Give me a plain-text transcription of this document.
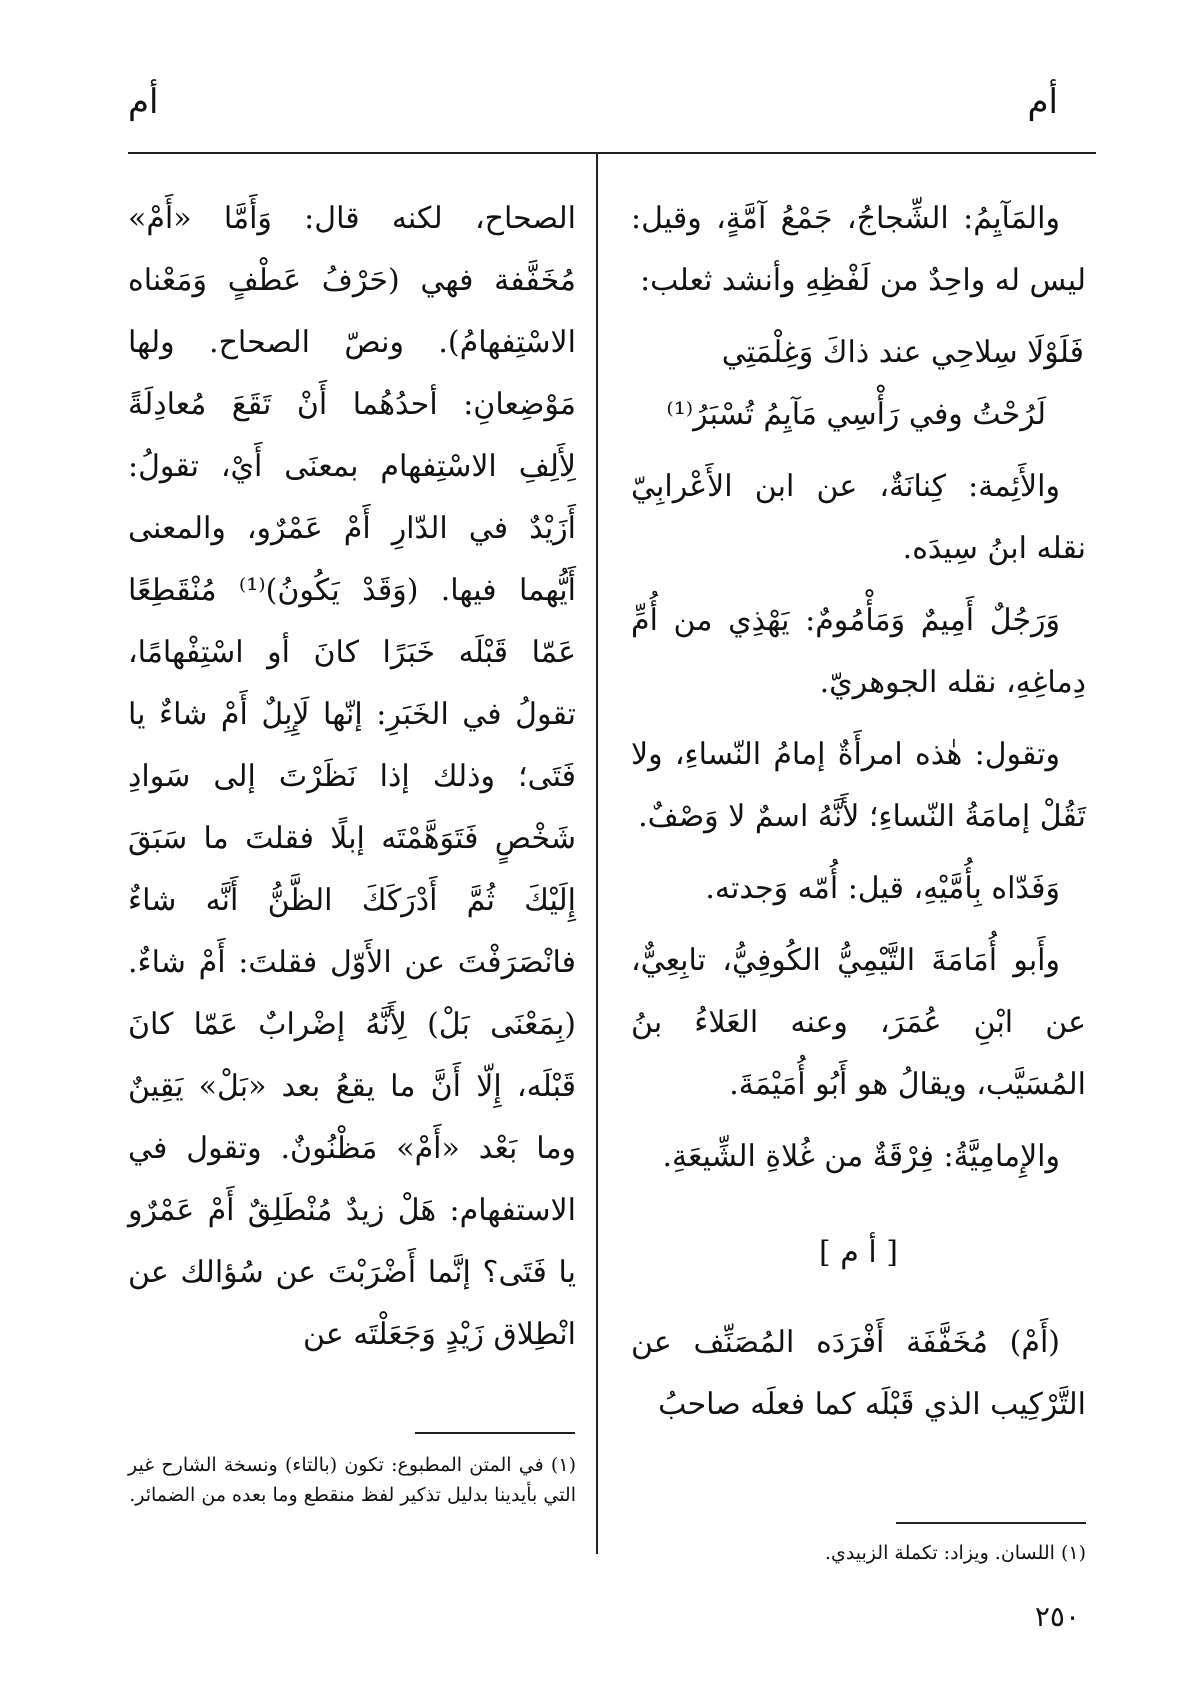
أم
أم

والمَآيِمُ: الشِّجاجُ، جَمْعُ آمَّةٍ، وقيل: ليس له واحِدٌ من لَفْظِهِ وأنشد ثعلب:

فَلَوْلَا سِلاحِي عند ذاكَ وَغِلْمَتِي

لَرُحْتُ وفي رَأْسِي مَآيِمُ تُسْبَرُ⁽¹⁾

والأَئِمة: كِنانَةٌ، عن ابن الأَعْرابِيّ نقله ابنُ سِيدَه.

وَرَجُلٌ أَمِيمٌ وَمَأْمُومٌ: يَهْذِي من أُمِّ دِماغِهِ، نقله الجوهريّ.

وتقول: هٰذه امرأَةٌ إمامُ النّساءِ، ولا تَقُلْ إمامَةُ النّساءِ؛ لأَنَّهُ اسمٌ لا وَصْفٌ.

وَفَدّاه بِأُمَّيْهِ، قيل: أُمّه وَجدته.

وأَبو أُمَامَةَ التَّيْمِيُّ الكُوفِيُّ، تابِعِيٌّ، عن ابْنِ عُمَرَ، وعنه العَلاءُ بنُ المُسَيَّب، ويقالُ هو أَبُو أُمَيْمَةَ.

والإِمامِيَّةُ: فِرْقَةٌ من غُلاةِ الشِّيعَةِ.

[ أ م ]

(أَمْ) مُخَفَّفَة أَفْرَدَه المُصَنِّف عن التَّرْكِيب الذي قَبْلَه كما فعلَه صاحبُ

الصحاح، لكنه قال: وَأَمَّا «أَمْ» مُخَفَّفة فهي (حَرْفُ عَطْفٍ وَمَعْناه الاسْتِفهامُ). ونصّ الصحاح. ولها مَوْضِعانِ: أحدُهُما أَنْ تَقَعَ مُعادِلَةً لِأَلِفِ الاسْتِفهام بمعنَى أَيْ، تقولُ: أَزَيْدٌ في الدّارِ أَمْ عَمْرٌو، والمعنى أَيُّهما فيها. (وَقَدْ يَكُونُ)⁽¹⁾ مُنْقَطِعًا عَمّا قَبْلَه خَبَرًا كانَ أو اسْتِفْهامًا، تقولُ في الخَبَرِ: إنّها لَإِبِلٌ أَمْ شاءٌ يا فَتَى؛ وذلك إذا نَظَرْتَ إلى سَوادِ شَخْصٍ فَتَوَهَّمْتَه إبلًا فقلتَ ما سَبَقَ إِلَيْكَ ثُمَّ أَدْرَكَكَ الظَّنُّ أَنَّه شاءٌ فانْصَرَفْتَ عن الأَوّل فقلتَ: أَمْ شاءٌ. (بِمَعْنَى بَلْ) لِأَنَّهُ إضْرابٌ عَمّا كانَ قَبْلَه، إِلّا أَنَّ ما يقعُ بعد «بَلْ» يَقِينٌ وما بَعْد «أَمْ» مَظْنُونٌ. وتقول في الاستفهام: هَلْ زيدٌ مُنْطَلِقٌ أَمْ عَمْرٌو يا فَتَى؟ إنَّما أَضْرَبْتَ عن سُؤالك عن انْطِلاق زَيْدٍ وَجَعَلْتَه عن

(١) اللسان. ويزاد: تكملة الزبيدي.
(١) في المتن المطبوع: تكون (بالتاء) ونسخة الشارح غير التي بأيدينا بدليل تذكير لفظ منقطع وما بعده من الضمائر.
٢٥٠
